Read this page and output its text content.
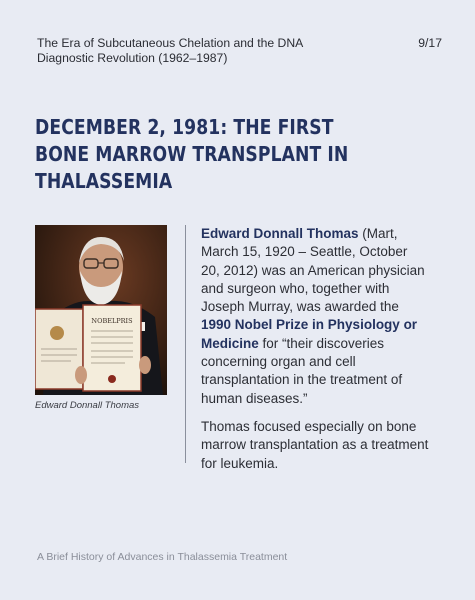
The Era of Subcutaneous Chelation and the DNA Diagnostic Revolution (1962–1987)
9/17
DECEMBER 2, 1981: THE FIRST BONE MARROW TRANSPLANT IN THALASSEMIA
NOBELPRIS
Edward Donnall Thomas

Edward Donnall Thomas (Mart, March 15, 1920 – Seattle, October 20, 2012) was an American physician and surgeon who, together with Joseph Murray, was awarded the 1990 Nobel Prize in Physiology or Medicine for “their discoveries concerning organ and cell transplantation in the treatment of human diseases.”

Thomas focused especially on bone marrow transplantation as a treatment for leukemia.

A Brief History of Advances in Thalassemia Treatment
